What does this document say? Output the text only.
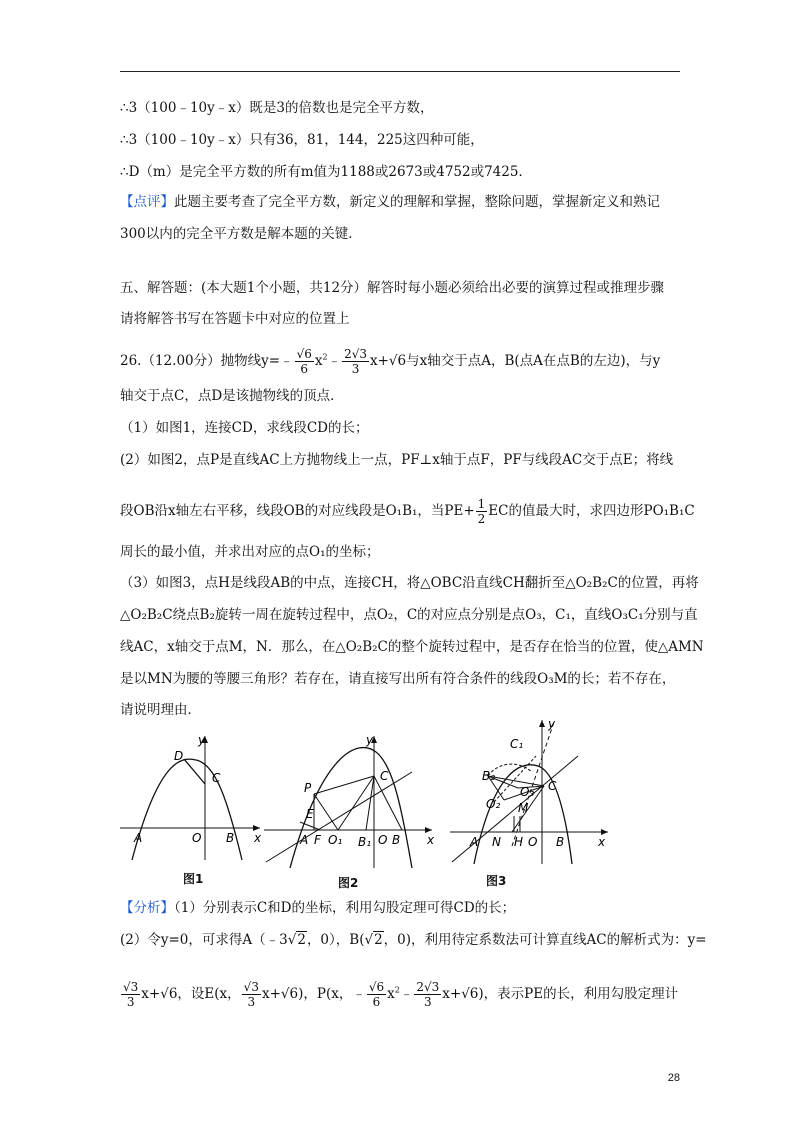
∴3（100﹣10y﹣x）既是3的倍数也是完全平方数，
∴3（100﹣10y﹣x）只有36，81，144，225这四种可能，
∴D（m）是完全平方数的所有m值为1188或2673或4752或7425．
【点评】此题主要考查了完全平方数，新定义的理解和掌握，整除问题，掌握新定义和熟记
300以内的完全平方数是解本题的关键．
五、解答题：(本大题1个小题，共12分）解答时每小题必须给出必要的演算过程或推理步骤
请将解答书写在答题卡中对应的位置上
26.（12.00分）抛物线y=﹣ $\frac{√6}{6}$ $x^2﹣ \frac{2√3}{3} x+√6$与x轴交于点A，B(点A在点B的左边)，与y
轴交于点C，点D是该抛物线的顶点．
（1）如图1，连接CD，求线段CD的长；
(2）如图2，点P是直线AC上方抛物线上一点，PF⊥x轴于点F，PF与线段AC交于点E；将线
段OB沿x轴左右平移，线段OB的对应线段是O₁B₁，当$PE+ \frac{1}{2}$ EC的值最大时，求四边形PO₁B₁C
周长的最小值，并求出对应的点O₁的坐标；
（3）如图3，点H是线段AB的中点，连接CH，将△OBC沿直线CH翻折至△O₂B₂C的位置，再将
△O₂B₂C绕点B₂旋转一周在旋转过程中，点O₂，C的对应点分别是点O₃，C₁，直线O₃C₁分别与直
线AC，x轴交于点M，N．那么，在△O₂B₂C的整个旋转过程中，是否存在恰当的位置，使△AMN
是以MN为腰的等腰三角形？若存在，请直接写出所有符合条件的线段O₃M的长；若不存在，
请说明理由．
y
x
D
C
A	O B
图1
y
x
P
C
E
A F O₁ B₁ O B
图2
y
x
C₁
B₂
O₂
O₃
M
C
A N H O B
图3
【分析】（1）分别表示C和D的坐标，利用勾股定理可得CD的长；
(2）令y=0，可求得A（﹣3√2，0），B(√2，0)，利用待定系数法可计算直线AC的解析式为：y=
$\frac{√3}{3} x+√6$，设E(x， $\frac{√3}{3} x+√6$)，P(x，﹣ $\frac{√6}{6}$ $x^2﹣ \frac{2√3}{3} x+√6$)，表示PE的长，利用勾股定理计
28
